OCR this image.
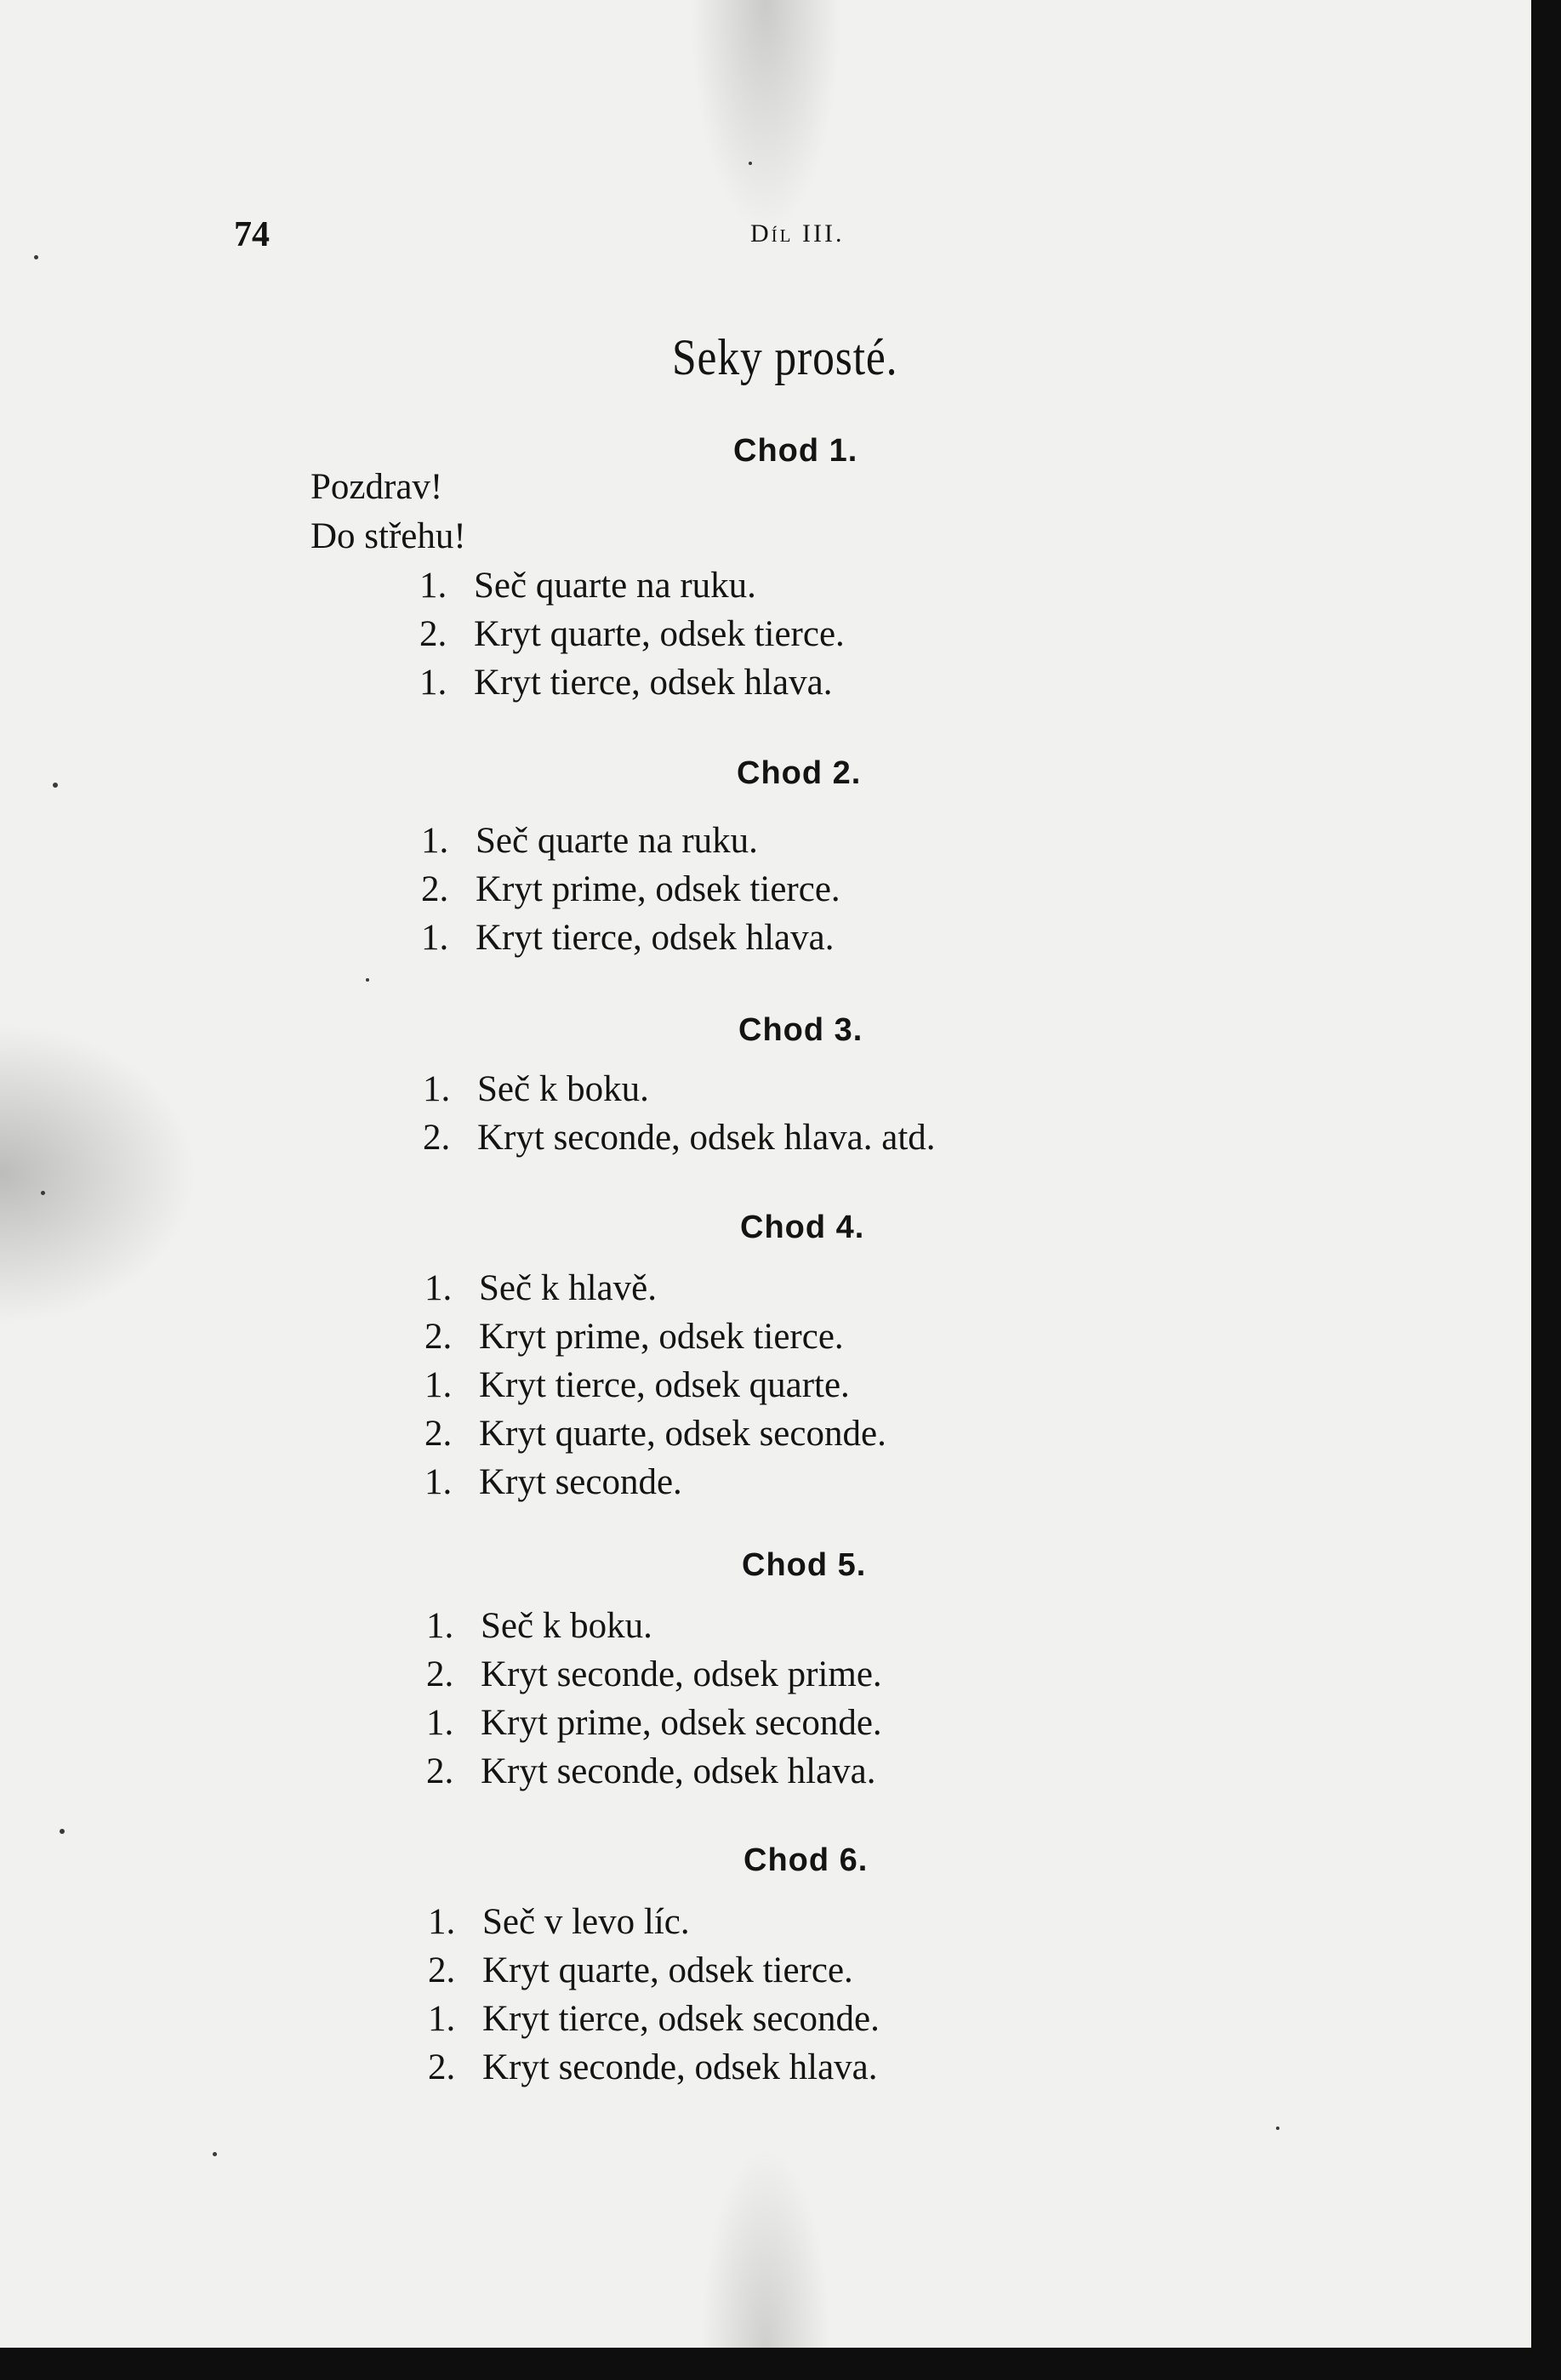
74	Díl III.
Seky prosté.
Pozdrav!
Do střehu!
Chod 1.
1. Seč quarte na ruku.
2. Kryt quarte, odsek tierce.
1. Kryt tierce, odsek hlava.
Chod 2.
1. Seč quarte na ruku.
2. Kryt prime, odsek tierce.
1. Kryt tierce, odsek hlava.
Chod 3.
1. Seč k boku.
2. Kryt seconde, odsek hlava. atd.
Chod 4.
1. Seč k hlavě.
2. Kryt prime, odsek tierce.
1. Kryt tierce, odsek quarte.
2. Kryt quarte, odsek seconde.
1. Kryt seconde.
Chod 5.
1. Seč k boku.
2. Kryt seconde, odsek prime.
1. Kryt prime, odsek seconde.
2. Kryt seconde, odsek hlava.
Chod 6.
1. Seč v levo líc.
2. Kryt quarte, odsek tierce.
1. Kryt tierce, odsek seconde.
2. Kryt seconde, odsek hlava.
